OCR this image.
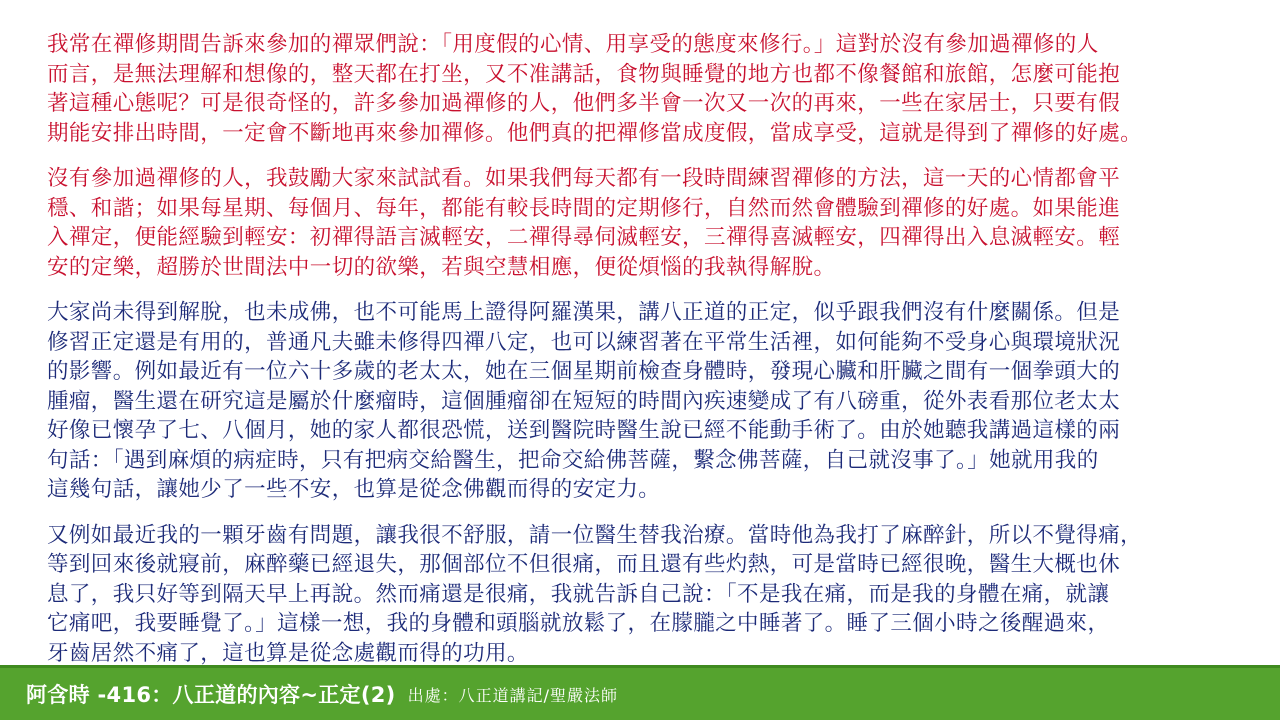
我常在禪修期間告訴來參加的禪眾們說：「用度假的心情、用享受的態度來修行。」這對於沒有參加過禪修的人
而言，是無法理解和想像的，整天都在打坐，又不准講話，食物與睡覺的地方也都不像餐館和旅館，怎麼可能抱
著這種心態呢？可是很奇怪的，許多參加過禪修的人，他們多半會一次又一次的再來，一些在家居士，只要有假
期能安排出時間，一定會不斷地再來參加禪修。他們真的把禪修當成度假，當成享受，這就是得到了禪修的好處。

沒有參加過禪修的人，我鼓勵大家來試試看。如果我們每天都有一段時間練習禪修的方法，這一天的心情都會平
穩、和諧；如果每星期、每個月、每年，都能有較長時間的定期修行，自然而然會體驗到禪修的好處。如果能進
入禪定，便能經驗到輕安：初禪得語言滅輕安，二禪得尋伺滅輕安，三禪得喜滅輕安，四禪得出入息滅輕安。輕
安的定樂，超勝於世間法中一切的欲樂，若與空慧相應，便從煩惱的我執得解脫。

大家尚未得到解脫，也未成佛，也不可能馬上證得阿羅漢果，講八正道的正定，似乎跟我們沒有什麼關係。但是
修習正定還是有用的，普通凡夫雖未修得四禪八定，也可以練習著在平常生活裡，如何能夠不受身心與環境狀況
的影響。例如最近有一位六十多歲的老太太，她在三個星期前檢查身體時，發現心臟和肝臟之間有一個拳頭大的
腫瘤，醫生還在研究這是屬於什麼瘤時，這個腫瘤卻在短短的時間內疾速變成了有八磅重，從外表看那位老太太
好像已懷孕了七、八個月，她的家人都很恐慌，送到醫院時醫生說已經不能動手術了。由於她聽我講過這樣的兩
句話：「遇到麻煩的病症時，只有把病交給醫生，把命交給佛菩薩，繫念佛菩薩，自己就沒事了。」她就用我的
這幾句話，讓她少了一些不安，也算是從念佛觀而得的安定力。

又例如最近我的一顆牙齒有問題，讓我很不舒服，請一位醫生替我治療。當時他為我打了麻醉針，所以不覺得痛，
等到回來後就寢前，麻醉藥已經退失，那個部位不但很痛，而且還有些灼熱，可是當時已經很晚，醫生大概也休
息了，我只好等到隔天早上再說。然而痛還是很痛，我就告訴自己說：「不是我在痛，而是我的身體在痛，就讓
它痛吧，我要睡覺了。」這樣一想，我的身體和頭腦就放鬆了，在朦朧之中睡著了。睡了三個小時之後醒過來，
牙齒居然不痛了，這也算是從念處觀而得的功用。

阿含時 -416：八正道的內容~正定(2) 出處：八正道講記/聖嚴法師
